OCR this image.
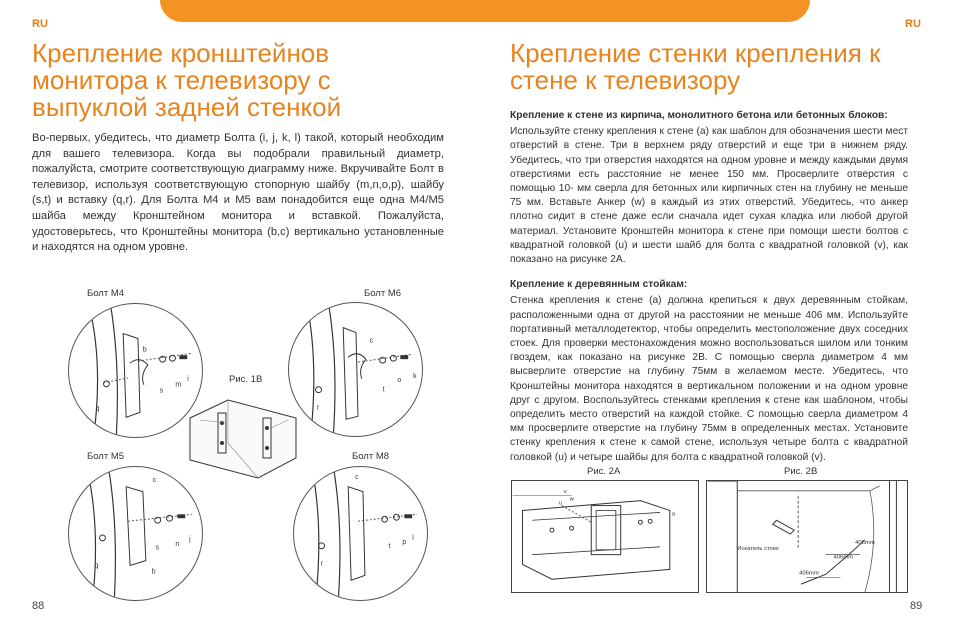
RU	RU
Крепление кронштейнов монитора к телевизору с выпуклой задней стенкой

Во-первых, убедитесь, что диаметр Болта (i, j, k, l) такой, который необходим для вашего телевизора. Когда вы подобрали правильный диаметр, пожалуйста, смотрите соответствующую диаграмму ниже. Вкручивайте Болт в телевизор, используя соответствующую стопорную шайбу (m,n,o,p), шайбу (s,t) и вставку (q,r). Для Болта M4 и M5 вам понадобится еще одна M4/M5 шайба между Кронштейном монитора и вставкой. Пожалуйста, удостоверьтесь, что Кронштейны монитора (b,c) вертикально установленные и находятся на одном уровне.

Болт M4	Болт M6
Рис. 1B
Болт M5	Болт M8
b
s
m
i
q
c
t
o
k
r
c
s
n
j
q
b
c
t
p
l
r
88
Крепление стенки крепления к стене к телевизору

Крепление к стене из кирпича, монолитного бетона или бетонных блоков:

Используйте стенку крепления к стене (a) как шаблон для обозначения шести мест отверстий в стене. Три в верхнем ряду отверстий и еще три в нижнем ряду. Убедитесь, что три отверстия находятся на одном уровне и между каждыми двумя отверстиями есть расстояние не менее 150 мм. Просверлите отверстия с помощью 10- мм сверла для бетонных или кирпичных стен на глубину не меньше 75 мм. Вставьте Анкер (w) в каждый из этих отверстий. Убедитесь, что анкер плотно сидит в стене даже если сначала идет сухая кладка или любой другой материал. Установите Кронштейн монитора к стене при помощи шести болтов с квадратной головкой (u) и шести шайб для болта с квадратной головкой (v), как показано на рисунке 2A.

Крепление к деревянным стойкам:

Стенка крепления к стене (a) должна крепиться к двух деревянным стойкам, расположенными одна от другой на расстоянии не меньше 406 мм. Используйте портативный металлодетектор, чтобы определить местоположение двух соседних стоек. Для проверки местонахождения можно воспользоваться шилом или тонким гвоздем, как показано на рисунке 2B. С помощью сверла диаметром 4 мм высверлите отверстие на глубину 75мм в желаемом месте. Убедитесь, что Кронштейны монитора находятся в вертикальном положении и на одном уровне друг с другом. Воспользуйтесь стенками крепления к стене как шаблоном, чтобы определить место отверстий на каждой стойке. С помощью сверла диаметром 4 мм просверлите отверстие на глубину 75мм в определенных местах. Установите стенку крепления к стене к самой стене, используя четыре болта с квадратной головкой (u) и четыре шайбы для болта с квадратной головкой (v).

Рис. 2A	Рис. 2B
v
u
w
a
Искатель стоек
406mm
406mm
406mm
89
